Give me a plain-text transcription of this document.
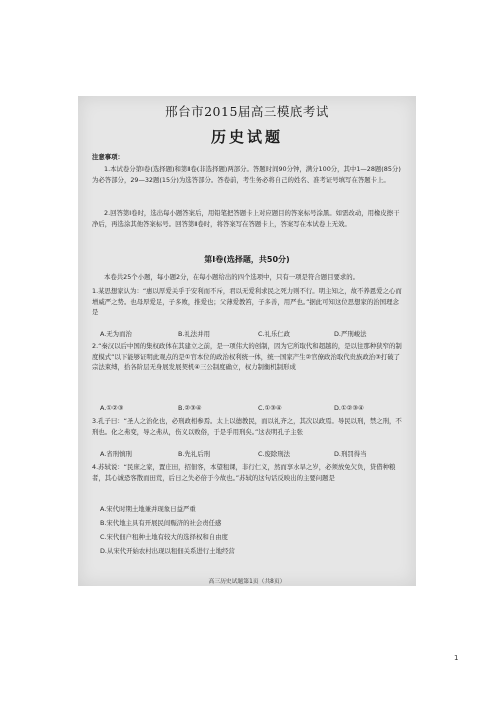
邢台市2015届高三模底考试
历史试题
注意事项：
1.本试卷分第Ⅰ卷(选择题)和第Ⅱ卷(非选择题)两部分。答题时间90分钟，满分100分，其中1—28题(85分)为必答部分，29—32题(15分)为选答部分。答卷前，考生务必将自己的姓名、准考证号填写在答题卡上。
2.回答第Ⅰ卷时，选出每小题答案后，用铅笔把答题卡上对应题目的答案标号涂黑。如需改动，用橡皮擦干净后，再选涂其他答案标号。回答第Ⅱ卷时，将答案写在答题卡上，答案写在本试卷上无效。
第Ⅰ卷(选择题，共50分)
本卷共25个小题，每小题2分，在每小题给出的四个选项中，只有一项是符合题目要求的。
1.某思想家认为：“惠以厚爱关乎于安利而不斥，君以无爱利求民之死力则不行。明主知之，故不养恩爱之心而增威严之势。也母厚爱足，子多败，推爱也；父薄爱教笞，子多善，用严也。”据此可知这位思想家的治国理念是
A.无为而治	B.礼法并用	C.礼乐仁政	D.严刑峻法
2.“秦汉以后中国的集权政体在其建立之前，是一项伟大的创制，因为它所取代和超越的，是以往那种狭窄的制度模式”以下能够证明此观点的是①官本位的政治权利统一体，统一国家产生②官僚政治取代贵族政治③打破了宗法束缚，拾各阶层无身展发展契机④三公制度确立，权力制衡机制形成
A.①②③	B.②③④	C.①③④	D.①②③④
3.孔子曰：“圣人之治化也，必刑政相参焉。太上以德教民，而以礼齐之，其次以政焉。导民以刑，禁之刑，不刑也。化之弗变，导之弗从，伤义以败俗，于是乎用刑矣。”这表明孔子主张
A.省刑慎刑	B.先礼后刑	C.废除刑法	D.刑罚得当
4.苏轼说：“民庶之家，置庄田，招佃客，本望租课，非行仁义，然而享水旱之岁，必须放免欠负，贷借种粮者，其心诚恐客散而田荒，后日之失必倍于今故也。”苏轼的这句话反映出的主要问题是
A.宋代时期土地兼并现象日益严重
B.宋代地主具有开展民间赈济的社会责任感
C.宋代佃户租种土地有较大的选择权和自由度
D.从宋代开始农村出现以租佃关系进行土地经营
高三历史试题第1页（共8页）
1
